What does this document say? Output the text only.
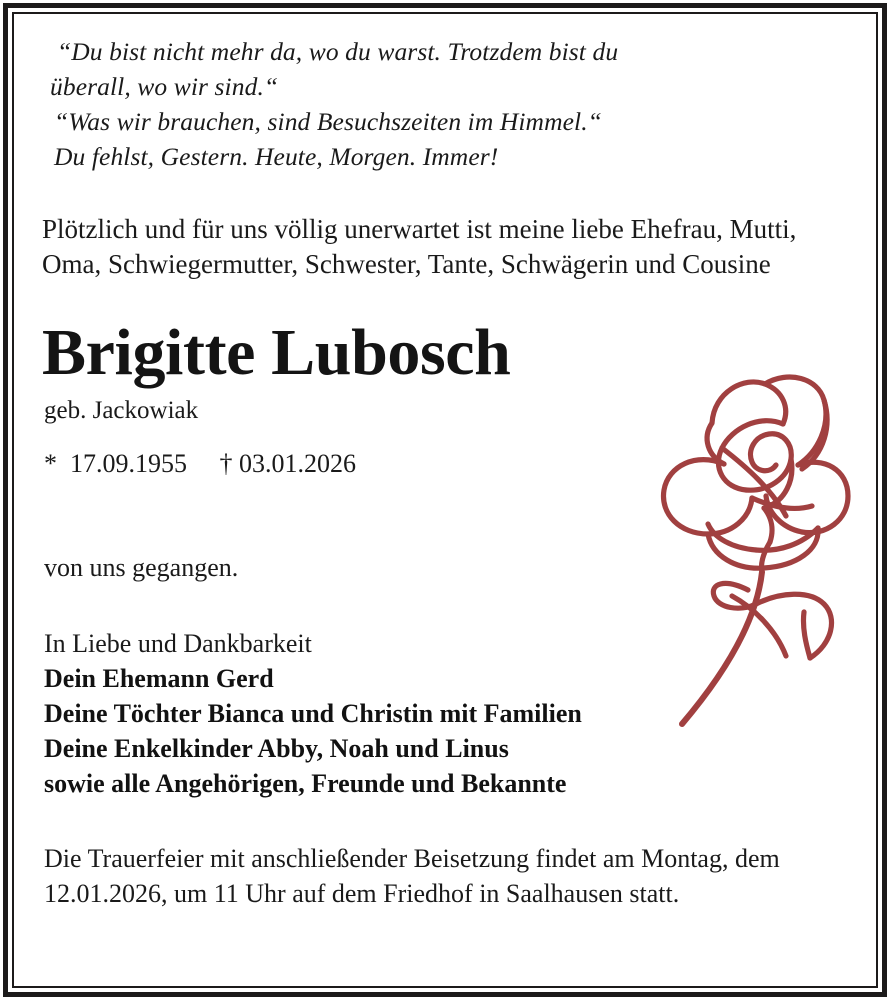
“Du bist nicht mehr da, wo du warst. Trotzdem bist du
überall, wo wir sind.“
“Was wir brauchen, sind Besuchszeiten im Himmel.“
Du fehlst, Gestern. Heute, Morgen. Immer!

Plötzlich und für uns völlig unerwartet ist meine liebe Ehefrau, Mutti, Oma, Schwiegermutter, Schwester, Tante, Schwägerin und Cousine

Brigitte Lubosch
geb. Jackowiak
*  17.09.1955     † 03.01.2026
von uns gegangen.
In Liebe und Dankbarkeit
Dein Ehemann Gerd
Deine Töchter Bianca und Christin mit Familien
Deine Enkelkinder Abby, Noah und Linus
sowie alle Angehörigen, Freunde und Bekannte

Die Trauerfeier mit anschließender Beisetzung findet am Montag, dem 12.01.2026, um 11 Uhr auf dem Friedhof in Saalhausen statt.
